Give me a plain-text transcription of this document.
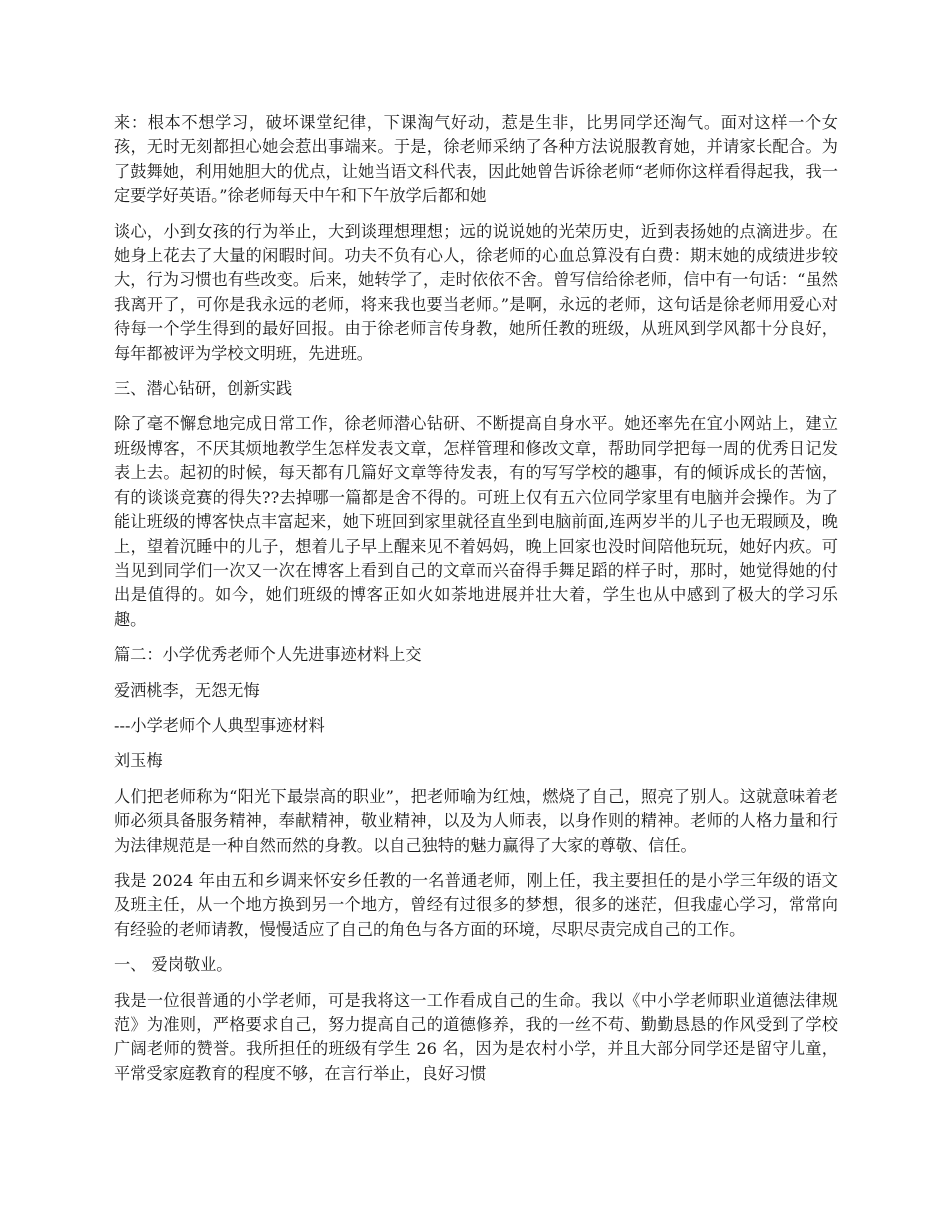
来：根本不想学习，破坏课堂纪律，下课淘气好动，惹是生非，比男同学还淘气。面对这样一个女孩，无时无刻都担心她会惹出事端来。于是，徐老师采纳了各种方法说服教育她，并请家长配合。为了鼓舞她，利用她胆大的优点，让她当语文科代表，因此她曾告诉徐老师“老师你这样看得起我，我一定要学好英语。”徐老师每天中午和下午放学后都和她

谈心，小到女孩的行为举止，大到谈理想理想；远的说说她的光荣历史，近到表扬她的点滴进步。在她身上花去了大量的闲暇时间。功夫不负有心人，徐老师的心血总算没有白费：期末她的成绩进步较大，行为习惯也有些改变。后来，她转学了，走时依依不舍。曾写信给徐老师，信中有一句话：“虽然我离开了，可你是我永远的老师，将来我也要当老师。”是啊，永远的老师，这句话是徐老师用爱心对待每一个学生得到的最好回报。由于徐老师言传身教，她所任教的班级，从班风到学风都十分良好，每年都被评为学校文明班，先进班。

三、潜心钻研，创新实践

除了毫不懈怠地完成日常工作，徐老师潜心钻研、不断提高自身水平。她还率先在宜小网站上，建立班级博客，不厌其烦地教学生怎样发表文章，怎样管理和修改文章，帮助同学把每一周的优秀日记发表上去。起初的时候，每天都有几篇好文章等待发表，有的写写学校的趣事，有的倾诉成长的苦恼，有的谈谈竞赛的得失??去掉哪一篇都是舍不得的。可班上仅有五六位同学家里有电脑并会操作。为了能让班级的博客快点丰富起来，她下班回到家里就径直坐到电脑前面,连两岁半的儿子也无瑕顾及，晚上，望着沉睡中的儿子，想着儿子早上醒来见不着妈妈，晚上回家也没时间陪他玩玩，她好内疚。可当见到同学们一次又一次在博客上看到自己的文章而兴奋得手舞足蹈的样子时，那时，她觉得她的付出是值得的。如今，她们班级的博客正如火如荼地进展并壮大着，学生也从中感到了极大的学习乐趣。

篇二：小学优秀老师个人先进事迹材料上交

爱洒桃李，无怨无悔

---小学老师个人典型事迹材料

刘玉梅

人们把老师称为“阳光下最崇高的职业”，把老师喻为红烛，燃烧了自己，照亮了别人。这就意味着老师必须具备服务精神，奉献精神，敬业精神，以及为人师表，以身作则的精神。老师的人格力量和行为法律规范是一种自然而然的身教。以自己独特的魅力赢得了大家的尊敬、信任。

我是 2024 年由五和乡调来怀安乡任教的一名普通老师，刚上任，我主要担任的是小学三年级的语文及班主任，从一个地方换到另一个地方，曾经有过很多的梦想，很多的迷茫，但我虚心学习，常常向有经验的老师请教，慢慢适应了自己的角色与各方面的环境，尽职尽责完成自己的工作。

一、 爱岗敬业。

我是一位很普通的小学老师，可是我将这一工作看成自己的生命。我以《中小学老师职业道德法律规范》为准则，严格要求自己，努力提高自己的道德修养，我的一丝不苟、勤勤恳恳的作风受到了学校广阔老师的赞誉。我所担任的班级有学生 26 名，因为是农村小学，并且大部分同学还是留守儿童，平常受家庭教育的程度不够，在言行举止，良好习惯
